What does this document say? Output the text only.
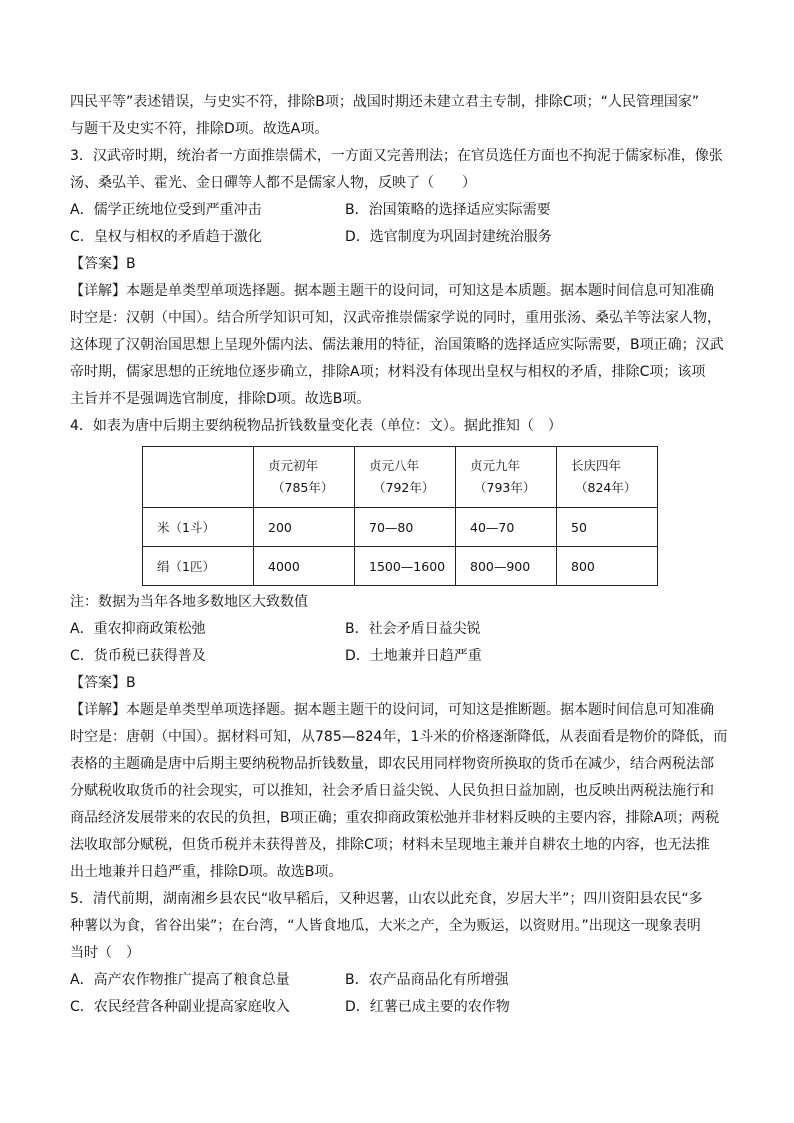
四民平等”表述错误，与史实不符，排除B项；战国时期还未建立君主专制，排除C项；“人民管理国家”
与题干及史实不符，排除D项。故选A项。
3．汉武帝时期，统治者一方面推崇儒术，一方面又完善刑法；在官员选任方面也不拘泥于儒家标准，像张
汤、桑弘羊、霍光、金日磾等人都不是儒家人物，反映了（　　）
A．儒学正统地位受到严重冲击	B．治国策略的选择适应实际需要
C．皇权与相权的矛盾趋于激化	D．选官制度为巩固封建统治服务
【答案】B
【详解】本题是单类型单项选择题。据本题主题干的设问词，可知这是本质题。据本题时间信息可知准确
时空是：汉朝（中国）。结合所学知识可知，汉武帝推崇儒家学说的同时，重用张汤、桑弘羊等法家人物，
这体现了汉朝治国思想上呈现外儒内法、儒法兼用的特征，治国策略的选择适应实际需要，B项正确；汉武
帝时期，儒家思想的正统地位逐步确立，排除A项；材料没有体现出皇权与相权的矛盾，排除C项；该项
主旨并不是强调选官制度，排除D项。故选B项。
4．如表为唐中后期主要纳税物品折钱数量变化表（单位：文）。据此推知（　）

	贞元初年
（785年）	贞元八年
（792年）	贞元九年
（793年）	长庆四年
（824年）

米（1斗）	200	70—80	40—70	50
绢（1匹）	4000	1500—1600	800—900	800
注：数据为当年各地多数地区大致数值
A．重农抑商政策松弛	B．社会矛盾日益尖锐
C．货币税已获得普及	D．土地兼并日趋严重
【答案】B
【详解】本题是单类型单项选择题。据本题主题干的设问词，可知这是推断题。据本题时间信息可知准确
时空是：唐朝（中国）。据材料可知，从785—824年，1斗米的价格逐渐降低，从表面看是物价的降低，而
表格的主题确是唐中后期主要纳税物品折钱数量，即农民用同样物资所换取的货币在减少，结合两税法部
分赋税收取货币的社会现实，可以推知，社会矛盾日益尖锐、人民负担日益加剧，也反映出两税法施行和
商品经济发展带来的农民的负担，B项正确；重农抑商政策松弛并非材料反映的主要内容，排除A项；两税
法收取部分赋税，但货币税并未获得普及，排除C项；材料未呈现地主兼并自耕农土地的内容，也无法推
出土地兼并日趋严重，排除D项。故选B项。
5．清代前期，湖南湘乡县农民“收早稻后，又种迟薯，山农以此充食，岁居大半”；四川资阳县农民“多
种薯以为食，省谷出粜”；在台湾，“人皆食地瓜，大米之产，全为贩运，以资财用。”出现这一现象表明
当时（　）
A．高产农作物推广提高了粮食总量	B．农产品商品化有所增强
C．农民经营各种副业提高家庭收入	D．红薯已成主要的农作物
